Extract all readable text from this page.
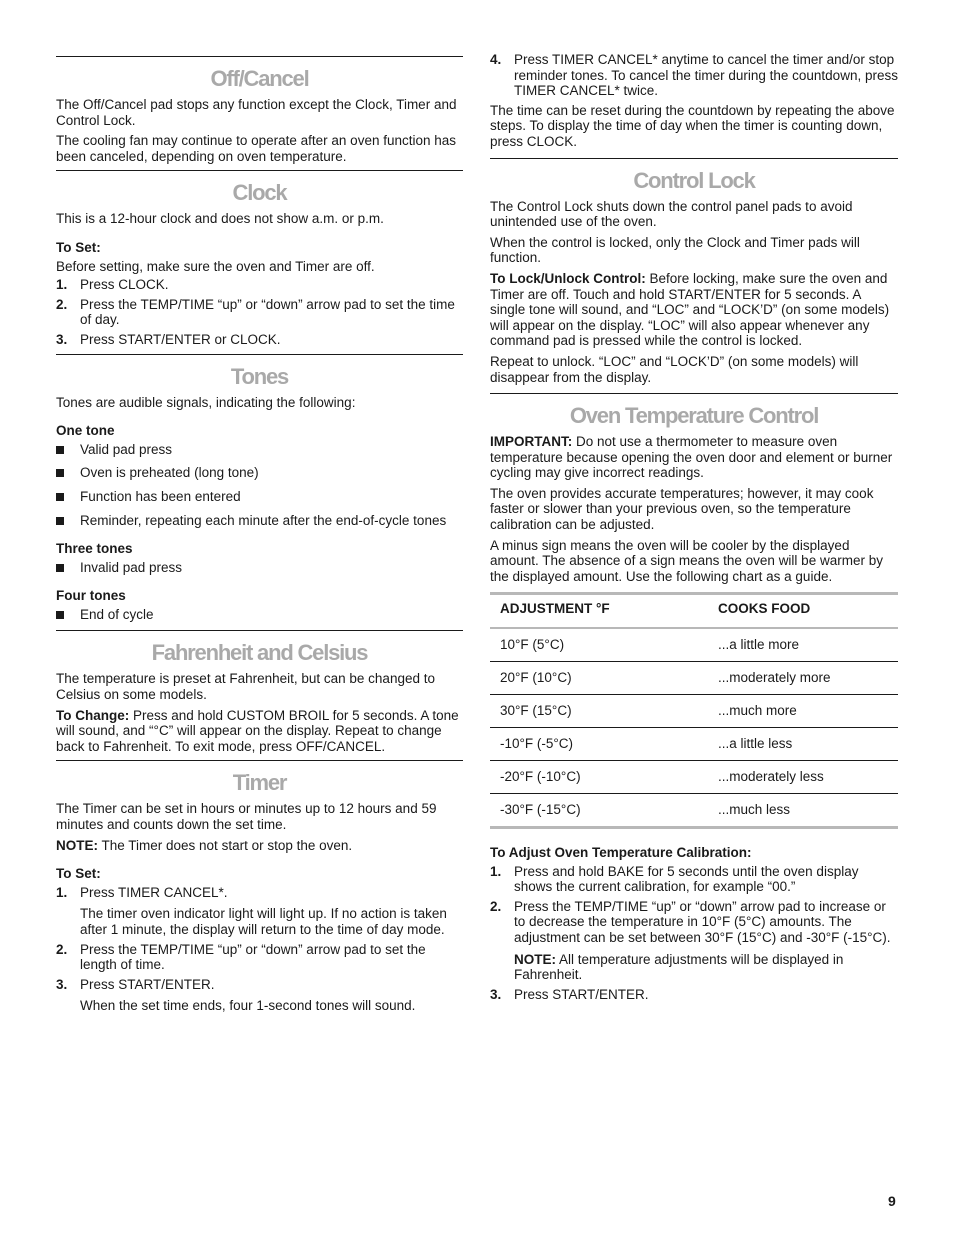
Off/Cancel

The Off/Cancel pad stops any function except the Clock, Timer and Control Lock.

The cooling fan may continue to operate after an oven function has been canceled, depending on oven temperature.

Clock

This is a 12-hour clock and does not show a.m. or p.m.

To Set:

Before setting, make sure the oven and Timer are off.

1. Press CLOCK.
2. Press the TEMP/TIME “up” or “down” arrow pad to set the time of day.
3. Press START/ENTER or CLOCK.
Tones

Tones are audible signals, indicating the following:

One tone
Valid pad press
Oven is preheated (long tone)
Function has been entered
Reminder, repeating each minute after the end-of-cycle tones
Three tones
Invalid pad press
Four tones
End of cycle
Fahrenheit and Celsius

The temperature is preset at Fahrenheit, but can be changed to Celsius on some models.

To Change: Press and hold CUSTOM BROIL for 5 seconds. A tone will sound, and “°C” will appear on the display. Repeat to change back to Fahrenheit. To exit mode, press OFF/CANCEL.

Timer

The Timer can be set in hours or minutes up to 12 hours and 59 minutes and counts down the set time.

NOTE: The Timer does not start or stop the oven.

To Set:
1. Press TIMER CANCEL*.
The timer oven indicator light will light up. If no action is taken after 1 minute, the display will return to the time of day mode.
2. Press the TEMP/TIME “up” or “down” arrow pad to set the length of time.
3. Press START/ENTER.
When the set time ends, four 1-second tones will sound.
4. Press TIMER CANCEL* anytime to cancel the timer and/or stop reminder tones. To cancel the timer during the countdown, press TIMER CANCEL* twice.

The time can be reset during the countdown by repeating the above steps. To display the time of day when the timer is counting down, press CLOCK.

Control Lock

The Control Lock shuts down the control panel pads to avoid unintended use of the oven.

When the control is locked, only the Clock and Timer pads will function.

To Lock/Unlock Control: Before locking, make sure the oven and Timer are off. Touch and hold START/ENTER for 5 seconds. A single tone will sound, and “LOC” and “LOCK’D” (on some models) will appear on the display. “LOC” will also appear whenever any command pad is pressed while the control is locked.

Repeat to unlock. “LOC” and “LOCK’D” (on some models) will disappear from the display.

Oven Temperature Control

IMPORTANT: Do not use a thermometer to measure oven temperature because opening the oven door and element or burner cycling may give incorrect readings.

The oven provides accurate temperatures; however, it may cook faster or slower than your previous oven, so the temperature calibration can be adjusted.

A minus sign means the oven will be cooler by the displayed amount. The absence of a sign means the oven will be warmer by the displayed amount. Use the following chart as a guide.

ADJUSTMENT °F	COOKS FOOD
10°F (5°C)	...a little more
20°F (10°C)	...moderately more
30°F (15°C)	...much more
-10°F (-5°C)	...a little less
-20°F (-10°C)	...moderately less
-30°F (-15°C)	...much less
To Adjust Oven Temperature Calibration:
1. Press and hold BAKE for 5 seconds until the oven display shows the current calibration, for example “00.”
2. Press the TEMP/TIME “up” or “down” arrow pad to increase or to decrease the temperature in 10°F (5°C) amounts. The adjustment can be set between 30°F (15°C) and -30°F (-15°C).
NOTE: All temperature adjustments will be displayed in Fahrenheit.
3. Press START/ENTER.
9
